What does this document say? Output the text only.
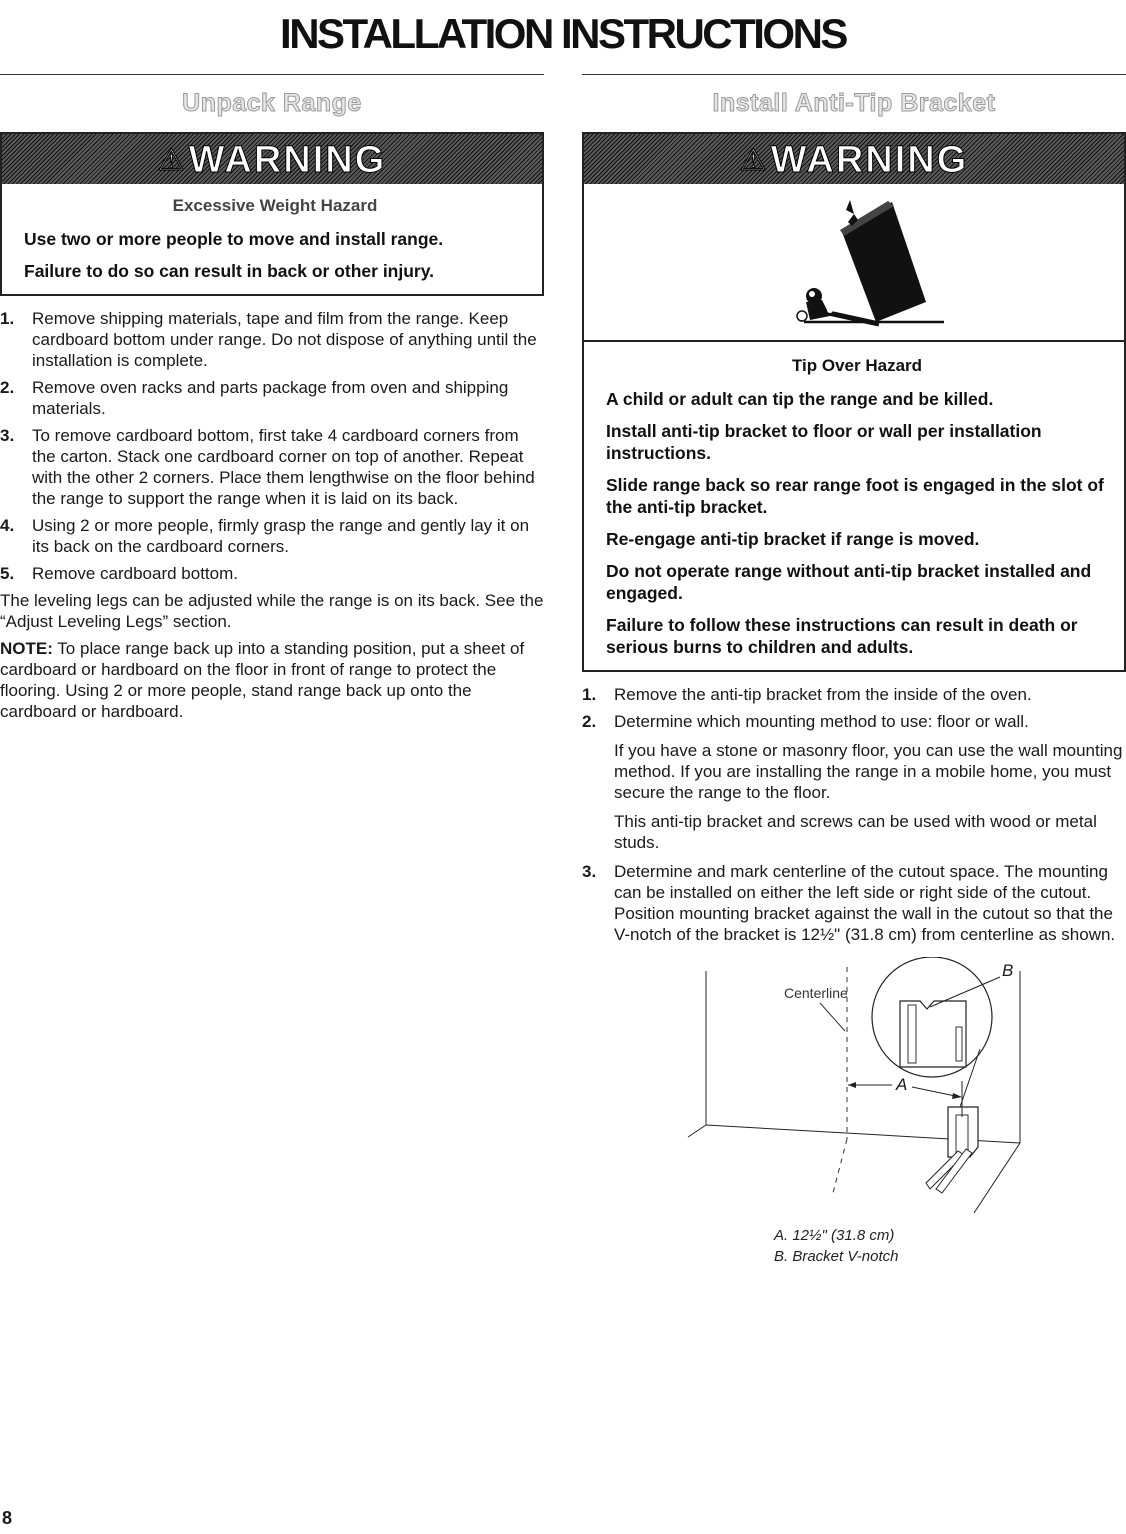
INSTALLATION INSTRUCTIONS
Unpack Range
⚠WARNING
Excessive Weight Hazard

Use two or more people to move and install range.

Failure to do so can result in back or other injury.

1. Remove shipping materials, tape and film from the range. Keep cardboard bottom under range. Do not dispose of anything until the installation is complete.
2. Remove oven racks and parts package from oven and shipping materials.
3. To remove cardboard bottom, first take 4 cardboard corners from the carton. Stack one cardboard corner on top of another. Repeat with the other 2 corners. Place them lengthwise on the floor behind the range to support the range when it is laid on its back.
4. Using 2 or more people, firmly grasp the range and gently lay it on its back on the cardboard corners.
5. Remove cardboard bottom.

The leveling legs can be adjusted while the range is on its back. See the “Adjust Leveling Legs” section.

NOTE: To place range back up into a standing position, put a sheet of cardboard or hardboard on the floor in front of range to protect the flooring. Using 2 or more people, stand range back up onto the cardboard or hardboard.

Install Anti-Tip Bracket
⚠WARNING
Tip Over Hazard

A child or adult can tip the range and be killed.

Install anti-tip bracket to floor or wall per installation instructions.

Slide range back so rear range foot is engaged in the slot of the anti-tip bracket.

Re-engage anti-tip bracket if range is moved.

Do not operate range without anti-tip bracket installed and engaged.

Failure to follow these instructions can result in death or serious burns to children and adults.

1. Remove the anti-tip bracket from the inside of the oven.
2. Determine which mounting method to use: floor or wall.

If you have a stone or masonry floor, you can use the wall mounting method. If you are installing the range in a mobile home, you must secure the range to the floor.

This anti-tip bracket and screws can be used with wood or metal studs.

3. Determine and mark centerline of the cutout space. The mounting can be installed on either the left side or right side of the cutout. Position mounting bracket against the wall in the cutout so that the V-notch of the bracket is 12½" (31.8 cm) from centerline as shown.
Centerline
A
B
A. 12½" (31.8 cm)
B. Bracket V-notch

8
